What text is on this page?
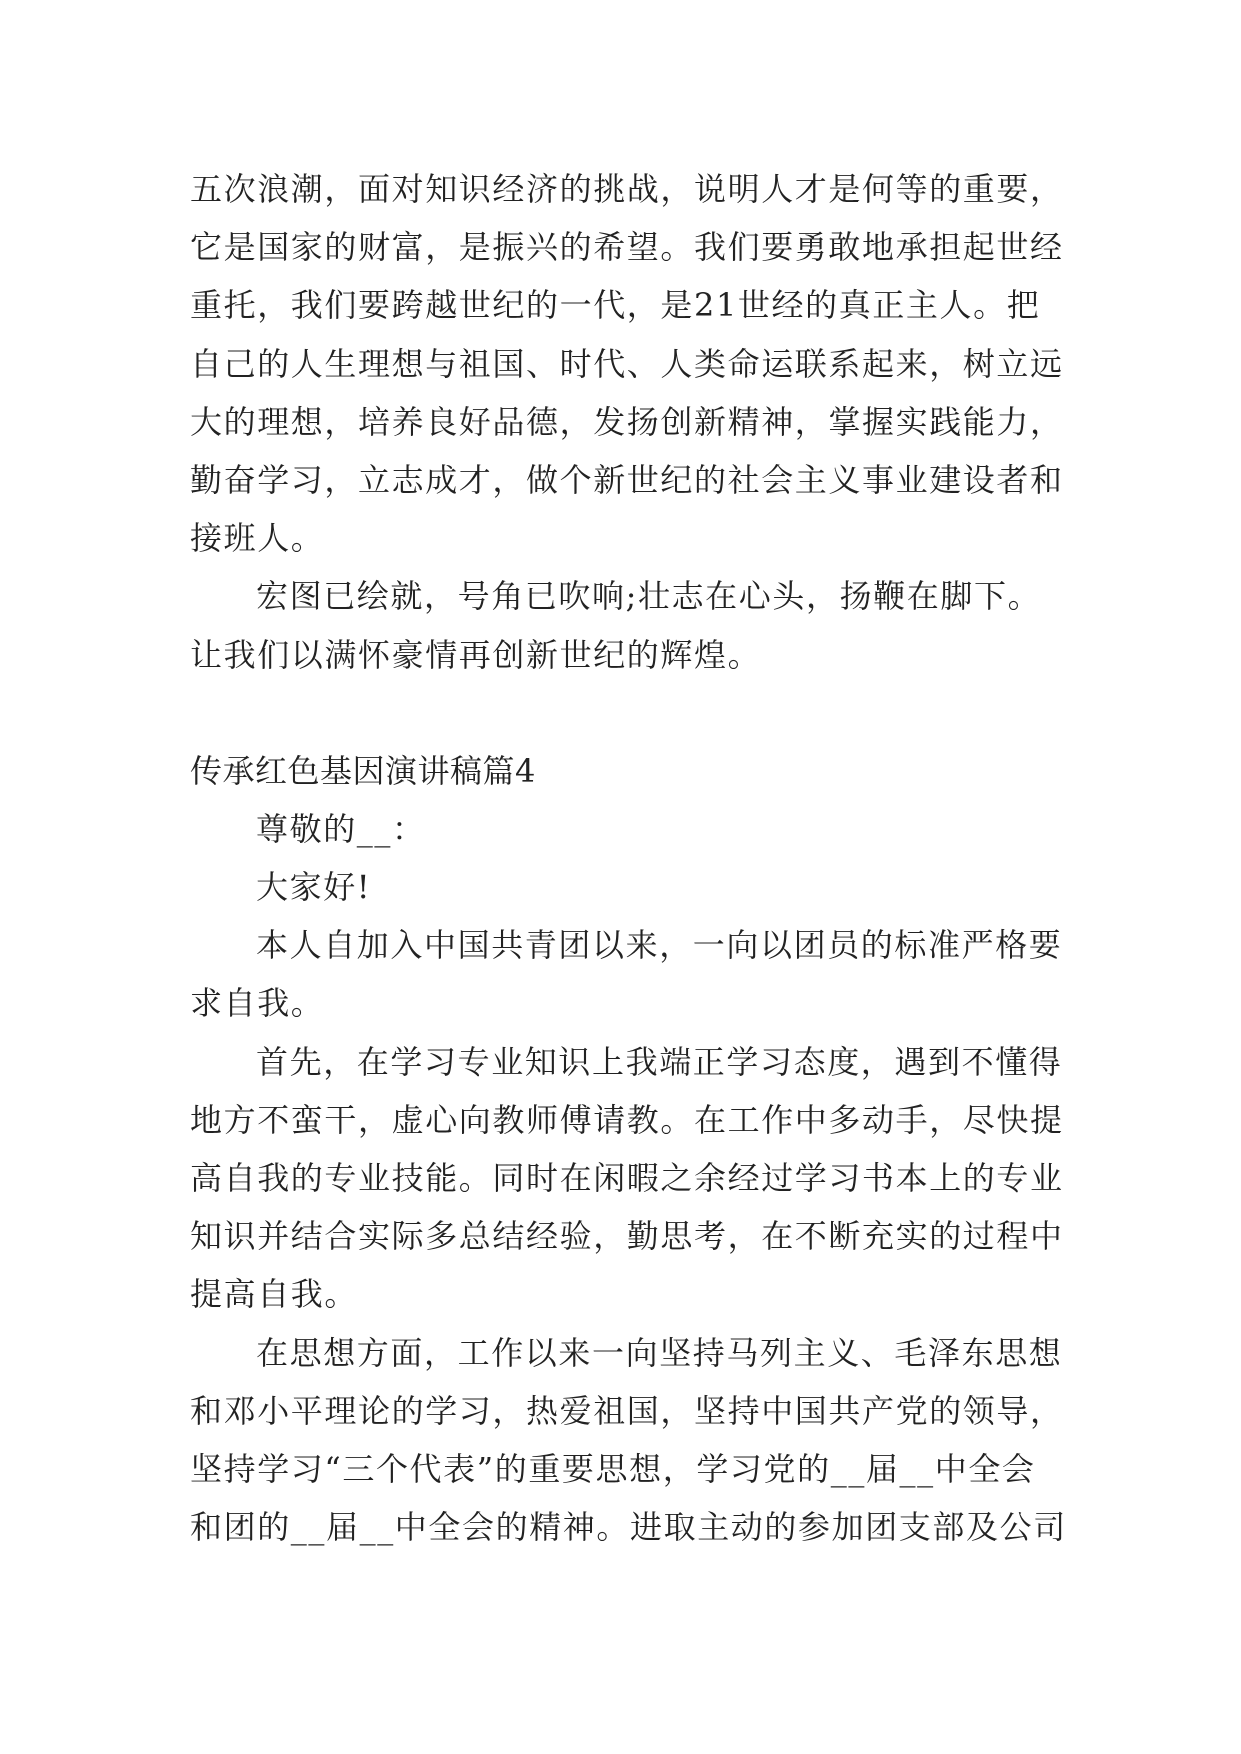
五次浪潮，面对知识经济的挑战，说明人才是何等的重要，
它是国家的财富，是振兴的希望。我们要勇敢地承担起世经
重托，我们要跨越世纪的一代，是21世经的真正主人。把
自己的人生理想与祖国、时代、人类命运联系起来，树立远
大的理想，培养良好品德，发扬创新精神，掌握实践能力，
勤奋学习，立志成才，做个新世纪的社会主义事业建设者和
接班人。
宏图已绘就，号角已吹响;壮志在心头，扬鞭在脚下。
让我们以满怀豪情再创新世纪的辉煌。
传承红色基因演讲稿篇4
尊敬的__：
大家好!
本人自加入中国共青团以来，一向以团员的标准严格要
求自我。
首先，在学习专业知识上我端正学习态度，遇到不懂得
地方不蛮干，虚心向教师傅请教。在工作中多动手，尽快提
高自我的专业技能。同时在闲暇之余经过学习书本上的专业
知识并结合实际多总结经验，勤思考，在不断充实的过程中
提高自我。
在思想方面，工作以来一向坚持马列主义、毛泽东思想
和邓小平理论的学习，热爱祖国，坚持中国共产党的领导，
坚持学习“三个代表”的重要思想，学习党的__届__中全会
和团的__届__中全会的精神。进取主动的参加团支部及公司
